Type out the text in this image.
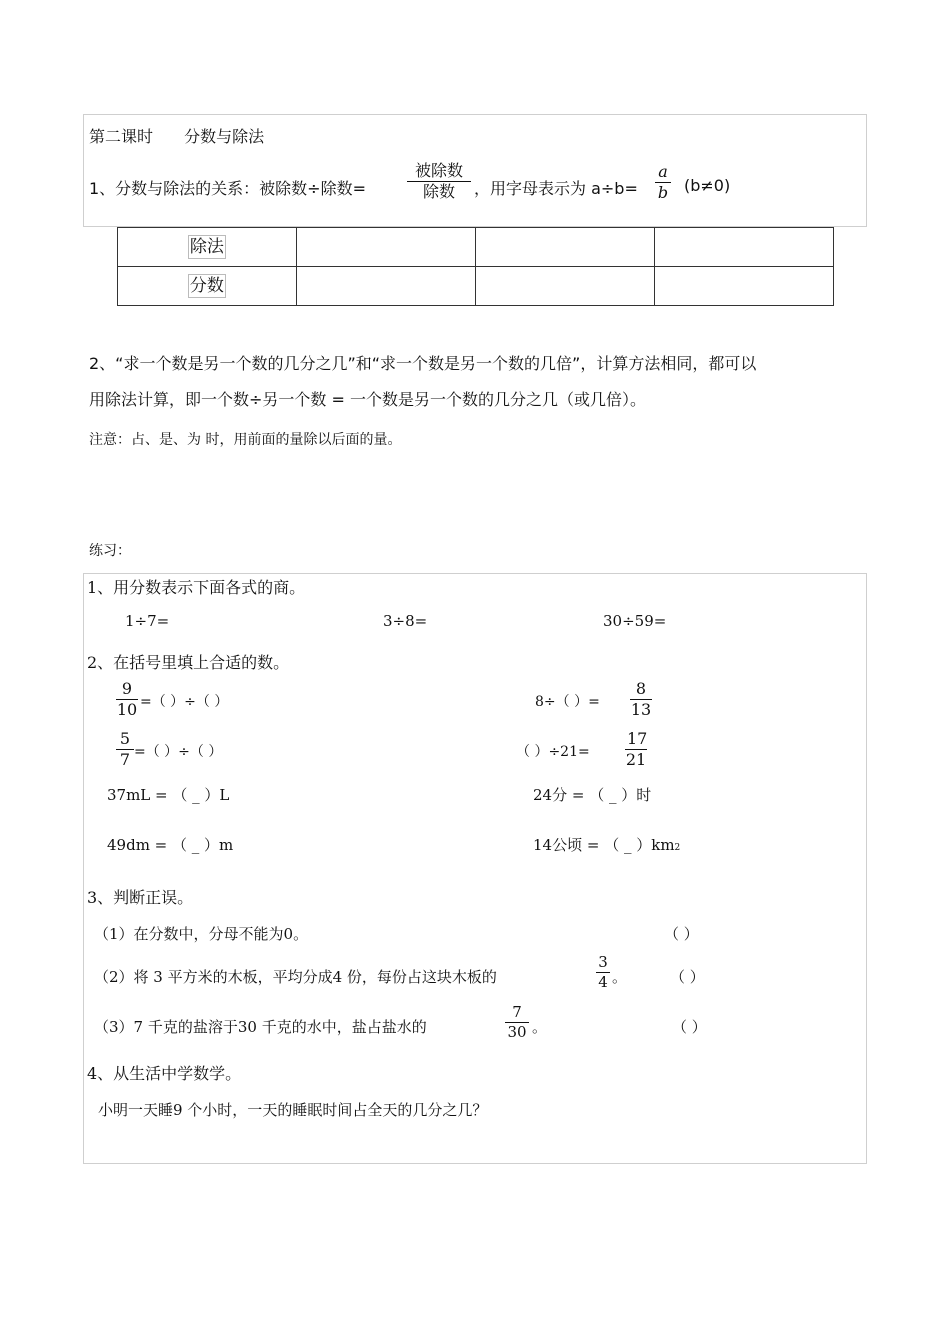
第二课时 分数与除法
1、分数与除法的关系：被除数÷除数=
被除数
除数	，用字母表示为 a÷b=
a
b (b≠0)
除法			
分数			
2、“求一个数是另一个数的几分之几”和“求一个数是另一个数的几倍”，计算方法相同，都可以
用除法计算，即一个数÷另一个数 = 一个数是另一个数的几分之几（或几倍）。
注意：占、是、为 时，用前面的量除以后面的量。
练习：
1、用分数表示下面各式的商。
1÷7=	3÷8=	30÷59=
2、在括号里填上合适的数。
9
10 =（ ）÷（ ）	8÷（ ）=
8
13
5
7 =（ ）÷（ ）	（ ）÷21=
17
21
37mL = （ _ ）L	24分 = （ _ ）时
49dm = （ _ ）m	14公顷 = （ _ ）km2
3、判断正误。
（1）在分数中，分母不能为0。	（ ）
（2）将 3 平方米的木板，平均分成4 份，每份占这块木板的
3
4 。	（ ）
（3）7 千克的盐溶于30 千克的水中，盐占盐水的
7
30 。	（ ）
4、从生活中学数学。
小明一天睡9 个小时，一天的睡眠时间占全天的几分之几？
